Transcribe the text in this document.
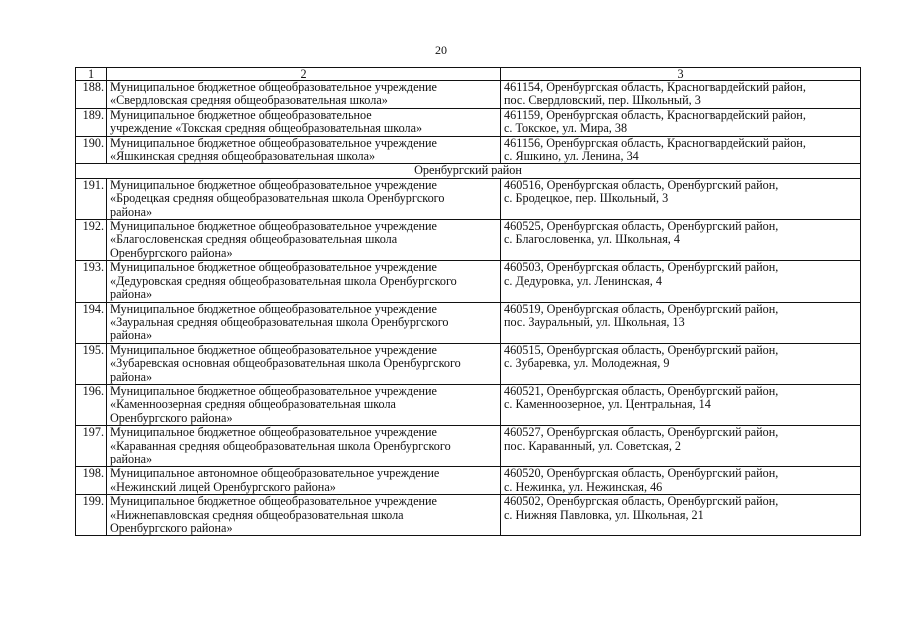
20
1	2	3
188.	Муниципальное бюджетное общеобразовательное учреждение
«Свердловская средняя общеобразовательная школа»	461154, Оренбургская область, Красногвардейский район,
пос. Свердловский, пер. Школьный, 3
189.	Муниципальное бюджетное общеобразовательное
учреждение «Токская средняя общеобразовательная школа»	461159, Оренбургская область, Красногвардейский район,
с. Токское, ул. Мира, 38
190.	Муниципальное бюджетное общеобразовательное учреждение
«Яшкинская средняя общеобразовательная школа»	461156, Оренбургская область, Красногвардейский район,
с. Яшкино, ул. Ленина, 34
Оренбургский район		
191.	Муниципальное бюджетное общеобразовательное учреждение
«Бродецкая средняя общеобразовательная школа Оренбургского
района»	460516, Оренбургская область, Оренбургский район,
с. Бродецкое, пер. Школьный, 3
192.	Муниципальное бюджетное общеобразовательное учреждение
«Благословенская средняя общеобразовательная школа
Оренбургского района»	460525, Оренбургская область, Оренбургский район,
с. Благословенка, ул. Школьная, 4
193.	Муниципальное бюджетное общеобразовательное учреждение
«Дедуровская средняя общеобразовательная школа Оренбургского
района»	460503, Оренбургская область, Оренбургский район,
с. Дедуровка, ул. Ленинская, 4
194.	Муниципальное бюджетное общеобразовательное учреждение
«Зауральная средняя общеобразовательная школа Оренбургского
района»	460519, Оренбургская область, Оренбургский район,
пос. Зауральный, ул. Школьная, 13
195.	Муниципальное бюджетное общеобразовательное учреждение
«Зубаревская основная общеобразовательная школа Оренбургского
района»	460515, Оренбургская область, Оренбургский район,
с. Зубаревка, ул. Молодежная, 9
196.	Муниципальное бюджетное общеобразовательное учреждение
«Каменноозерная средняя общеобразовательная школа
Оренбургского района»	460521, Оренбургская область, Оренбургский район,
с. Каменноозерное, ул. Центральная, 14
197.	Муниципальное бюджетное общеобразовательное учреждение
«Караванная средняя общеобразовательная школа Оренбургского
района»	460527, Оренбургская область, Оренбургский район,
пос. Караванный, ул. Советская, 2
198.	Муниципальное автономное общеобразовательное учреждение
«Нежинский лицей Оренбургского района»	460520, Оренбургская область, Оренбургский район,
с. Нежинка, ул. Нежинская, 46
199.	Муниципальное бюджетное общеобразовательное учреждение
«Нижнепавловская средняя общеобразовательная школа
Оренбургского района»	460502, Оренбургская область, Оренбургский район,
с. Нижняя Павловка, ул. Школьная, 21
